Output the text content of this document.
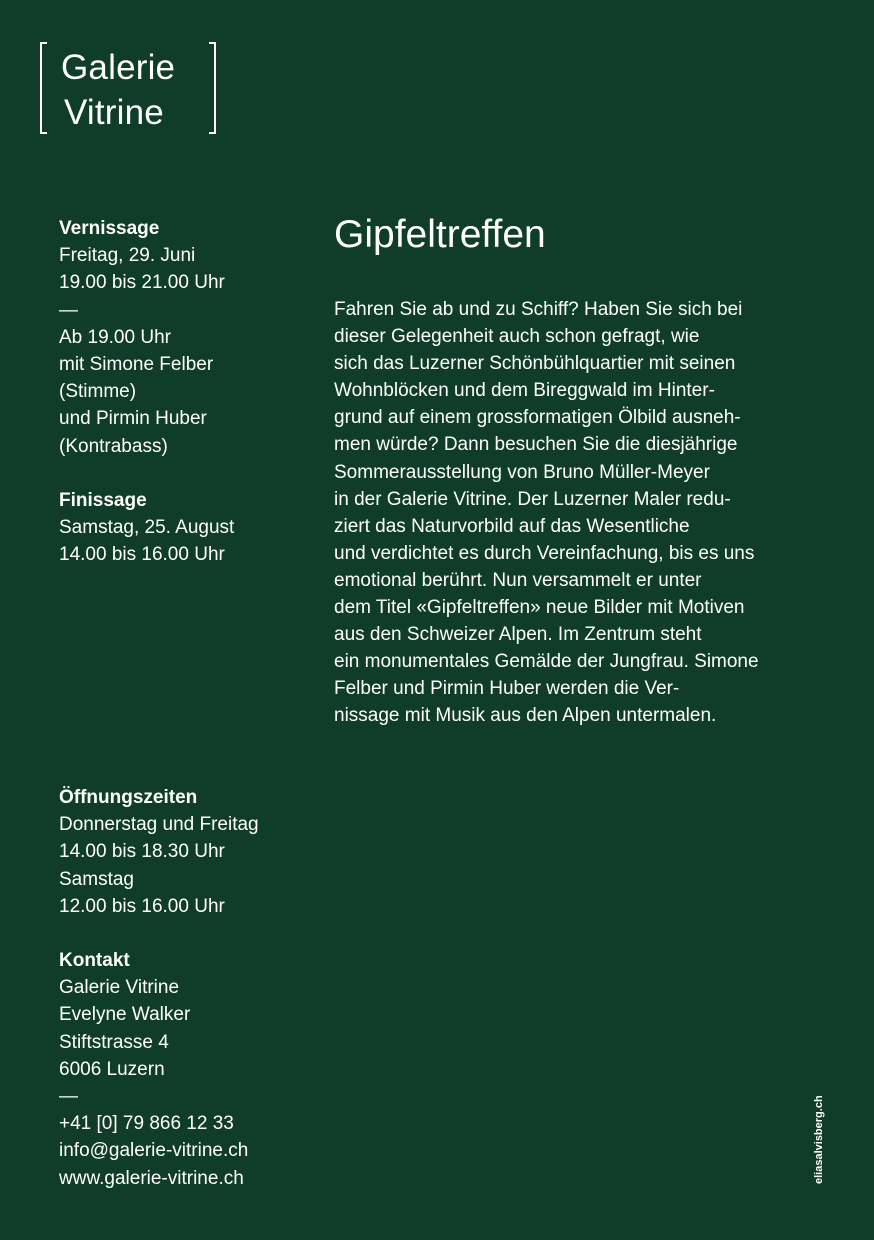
Galerie
Vitrine
Vernissage
Freitag, 29. Juni
19.00 bis 21.00 Uhr
—
Ab 19.00 Uhr
mit Simone Felber
(Stimme)
und Pirmin Huber
(Kontrabass)
Finissage
Samstag, 25. August
14.00 bis 16.00 Uhr
Gipfeltreffen
Fahren Sie ab und zu Schiff? Haben Sie sich bei
dieser Gelegenheit auch schon gefragt, wie
sich das Luzerner Schönbühlquartier mit seinen
Wohnblöcken und dem Bireggwald im Hinter-
grund auf einem grossformatigen Ölbild ausneh-
men würde? Dann besuchen Sie die diesjährige
Sommerausstellung von Bruno Müller-Meyer
in der Galerie Vitrine. Der Luzerner Maler redu-
ziert das Naturvorbild auf das Wesentliche
und verdichtet es durch Vereinfachung, bis es uns
emotional berührt. Nun versammelt er unter
dem Titel «Gipfeltreffen» neue Bilder mit Motiven
aus den Schweizer Alpen. Im Zentrum steht
ein monumentales Gemälde der Jungfrau. Simone
Felber und Pirmin Huber werden die Ver-
nissage mit Musik aus den Alpen untermalen.
Öffnungszeiten
Donnerstag und Freitag
14.00 bis 18.30 Uhr
Samstag
12.00 bis 16.00 Uhr
Kontakt
Galerie Vitrine
Evelyne Walker
Stiftstrasse 4
6006 Luzern
—
+41 [0] 79 866 12 33
info@galerie-vitrine.ch
www.galerie-vitrine.ch	eliasalvisberg.ch
